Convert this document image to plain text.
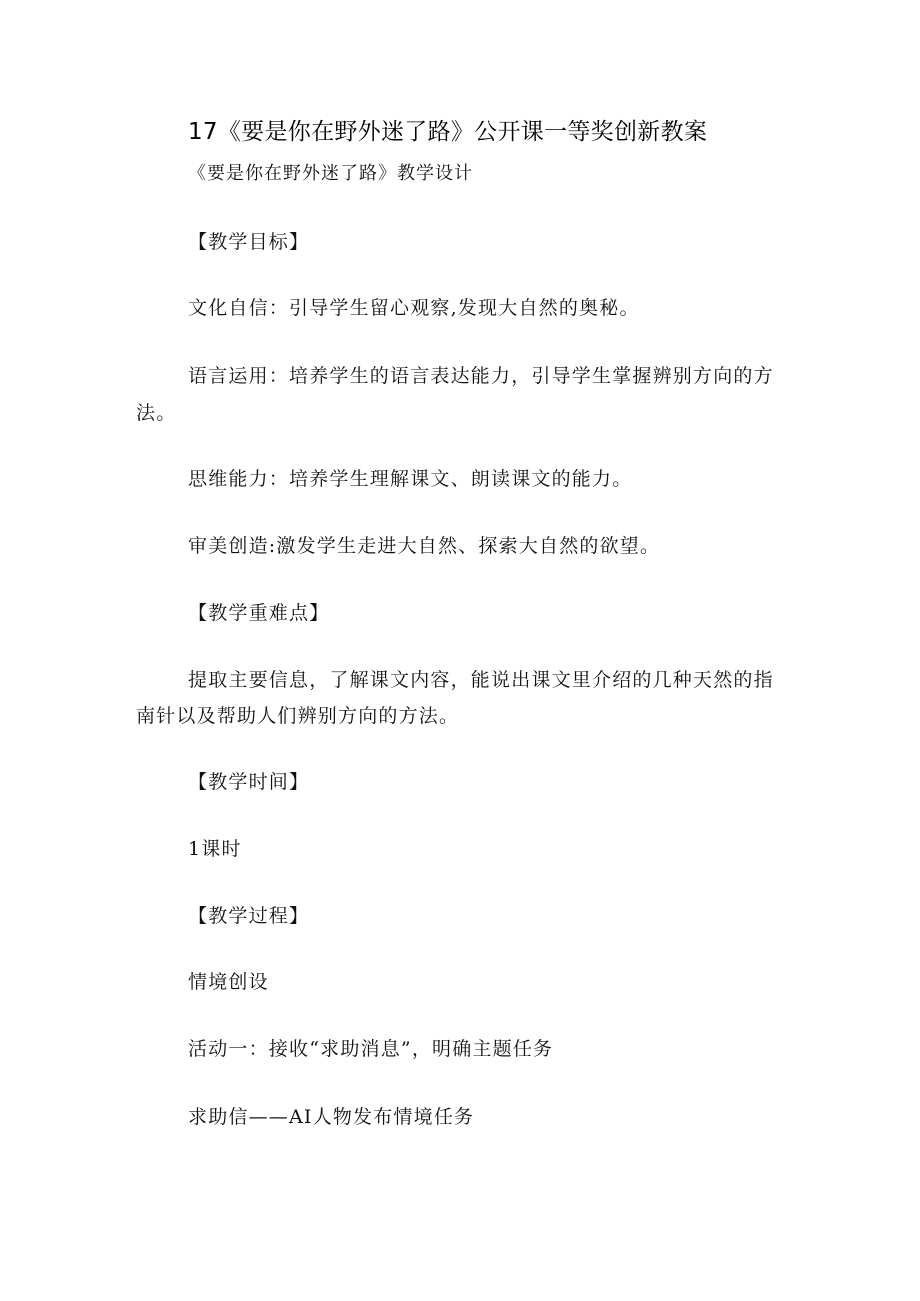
17《要是你在野外迷了路》公开课一等奖创新教案
《要是你在野外迷了路》教学设计
【教学目标】
文化自信：引导学生留心观察,发现大自然的奥秘。
语言运用：培养学生的语言表达能力，引导学生掌握辨别方向的方
法。
思维能力：培养学生理解课文、朗读课文的能力。
审美创造:激发学生走进大自然、探索大自然的欲望。
【教学重难点】
提取主要信息，了解课文内容，能说出课文里介绍的几种天然的指
南针以及帮助人们辨别方向的方法。
【教学时间】
1课时
【教学过程】
情境创设
活动一：接收“求助消息”，明确主题任务
求助信——AI人物发布情境任务
